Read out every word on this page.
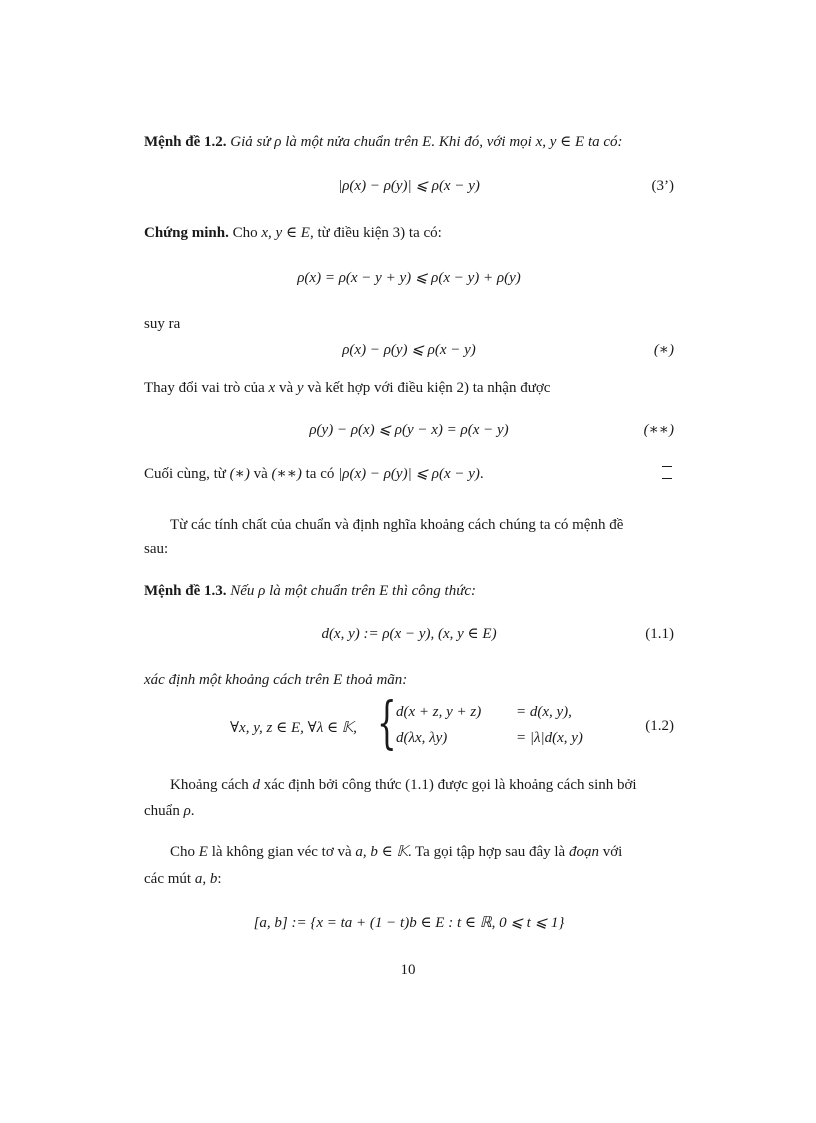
Mệnh đề 1.2. Giả sử ρ là một nửa chuẩn trên E. Khi đó, với mọi x, y ∈ E ta có:
|ρ(x) − ρ(y)| ⩽ ρ(x − y)	(3’)
Chứng minh. Cho x, y ∈ E, từ điều kiện 3) ta có:
ρ(x) = ρ(x − y + y) ⩽ ρ(x − y) + ρ(y)
suy ra
ρ(x) − ρ(y) ⩽ ρ(x − y)	(∗)
Thay đổi vai trò của x và y và kết hợp với điều kiện 2) ta nhận được
ρ(y) − ρ(x) ⩽ ρ(y − x) = ρ(x − y)	(∗∗)
Cuối cùng, từ (∗) và (∗∗) ta có |ρ(x) − ρ(y)| ⩽ ρ(x − y).
Từ các tính chất của chuẩn và định nghĩa khoảng cách chúng ta có mệnh đề
sau:
Mệnh đề 1.3. Nếu ρ là một chuẩn trên E thì công thức:
d(x, y) := ρ(x − y), (x, y ∈ E)	(1.1)
xác định một khoảng cách trên E thoả mãn:
∀x, y, z ∈ E, ∀λ ∈ 𝕂, { d(x + z, y + z) = d(x, y),
d(λx, λy)	= |λ|d(x, y)
(1.2)
Khoảng cách d xác định bởi công thức (1.1) được gọi là khoảng cách sinh bởi
chuẩn ρ.
Cho E là không gian véc tơ và a, b ∈ 𝕂. Ta gọi tập hợp sau đây là đoạn với
các mút a, b:
[a, b] := {x = ta + (1 − t)b ∈ E : t ∈ ℝ, 0 ⩽ t ⩽ 1}
10
